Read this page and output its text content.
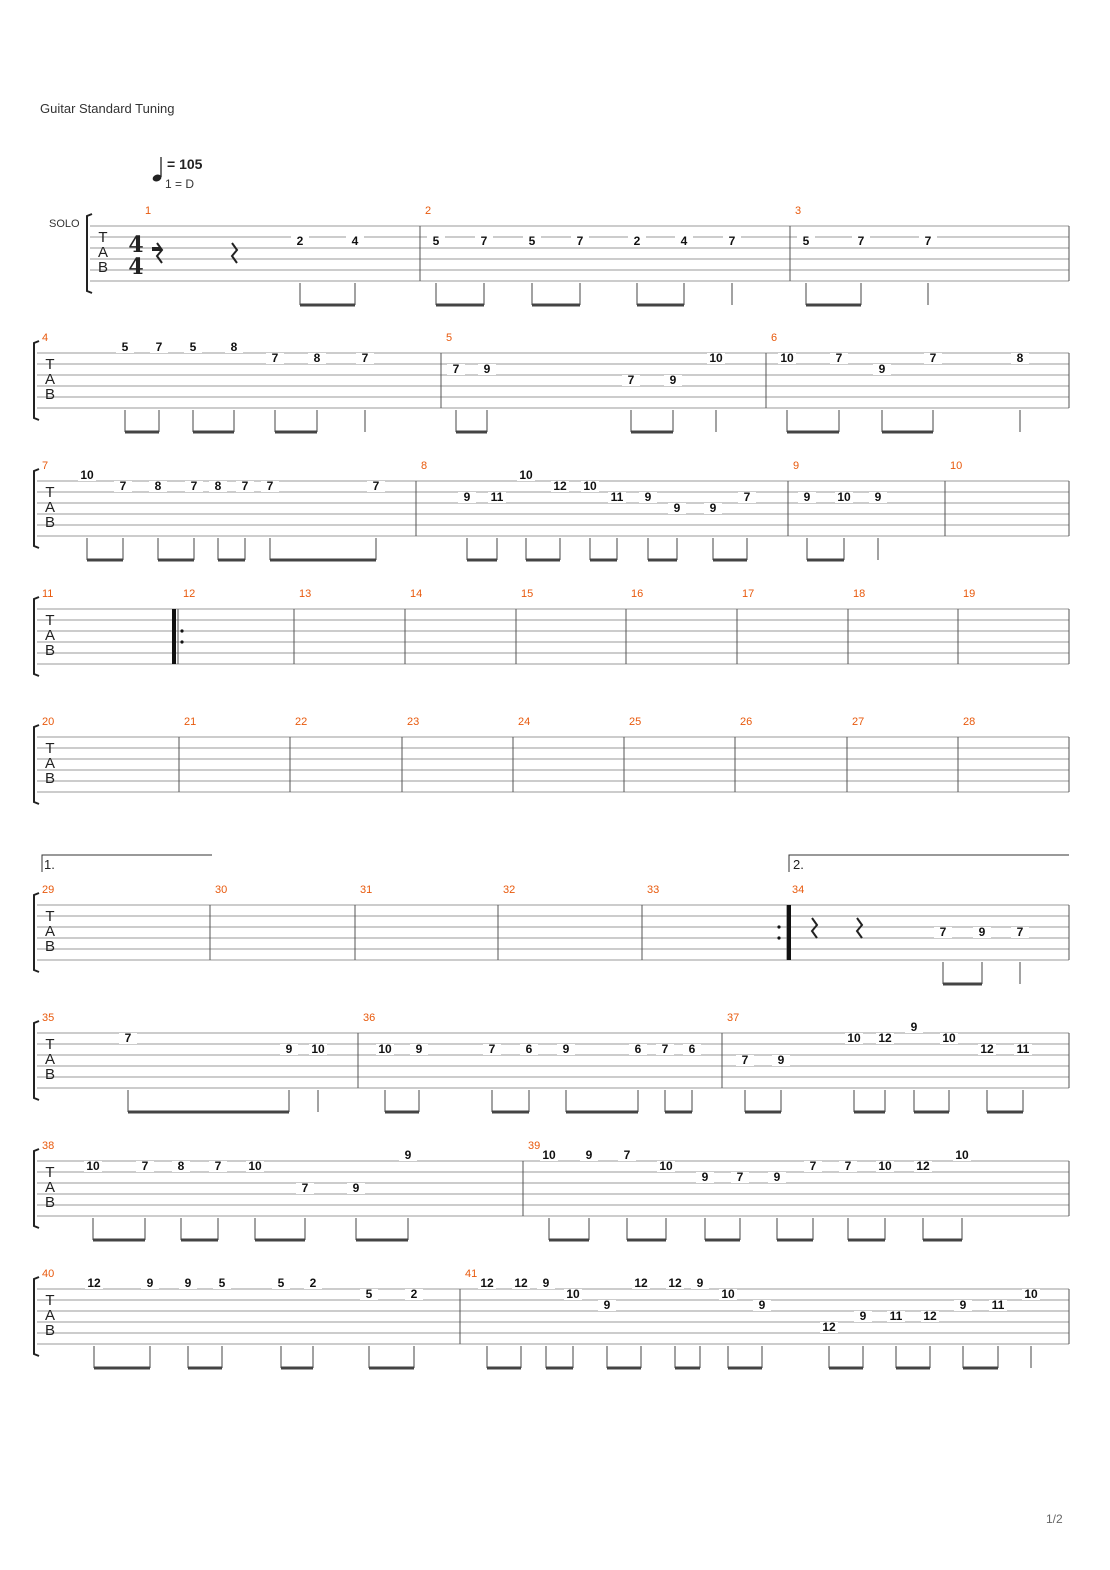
Guitar Standard Tuning
= 105
1 = D
SOLO
1/2
T
A
B
1
2	4
2
5	7	5	7	2	4	7
3
5	7	7
T
A
B
4
5 7 5	8
7	8	7
5
7 9
7	9
10
6
10	7
9
7	8
T
A
B
7
10
7 8 7 8 7 7	7
8
9 11
10
12 10
11 9
9 9
7
9
9 10 9
10
T
A
B
11	12	13	14	15	16	17	18	19
T
A
B
20	21	22	23	24	25	26	27	28
T
A
B
29	30	31	32	33	34
7	9	7
T
A
B
35
7
9 10
36
10 9	7	6	9	6 7 6
37
7 9
10 12
9
10
12 11
T
A
B
38
10	7 8	7 10
7	9
9
39
10 9	7
10
9 7	9
7 7 10 12
10
T
A
B
40
12	9	9 5	5 2
5	2
41
12 12 9
10
9
12 12 9
10
9
12
9 11 12
9 11
10
4
4
1.	2.
